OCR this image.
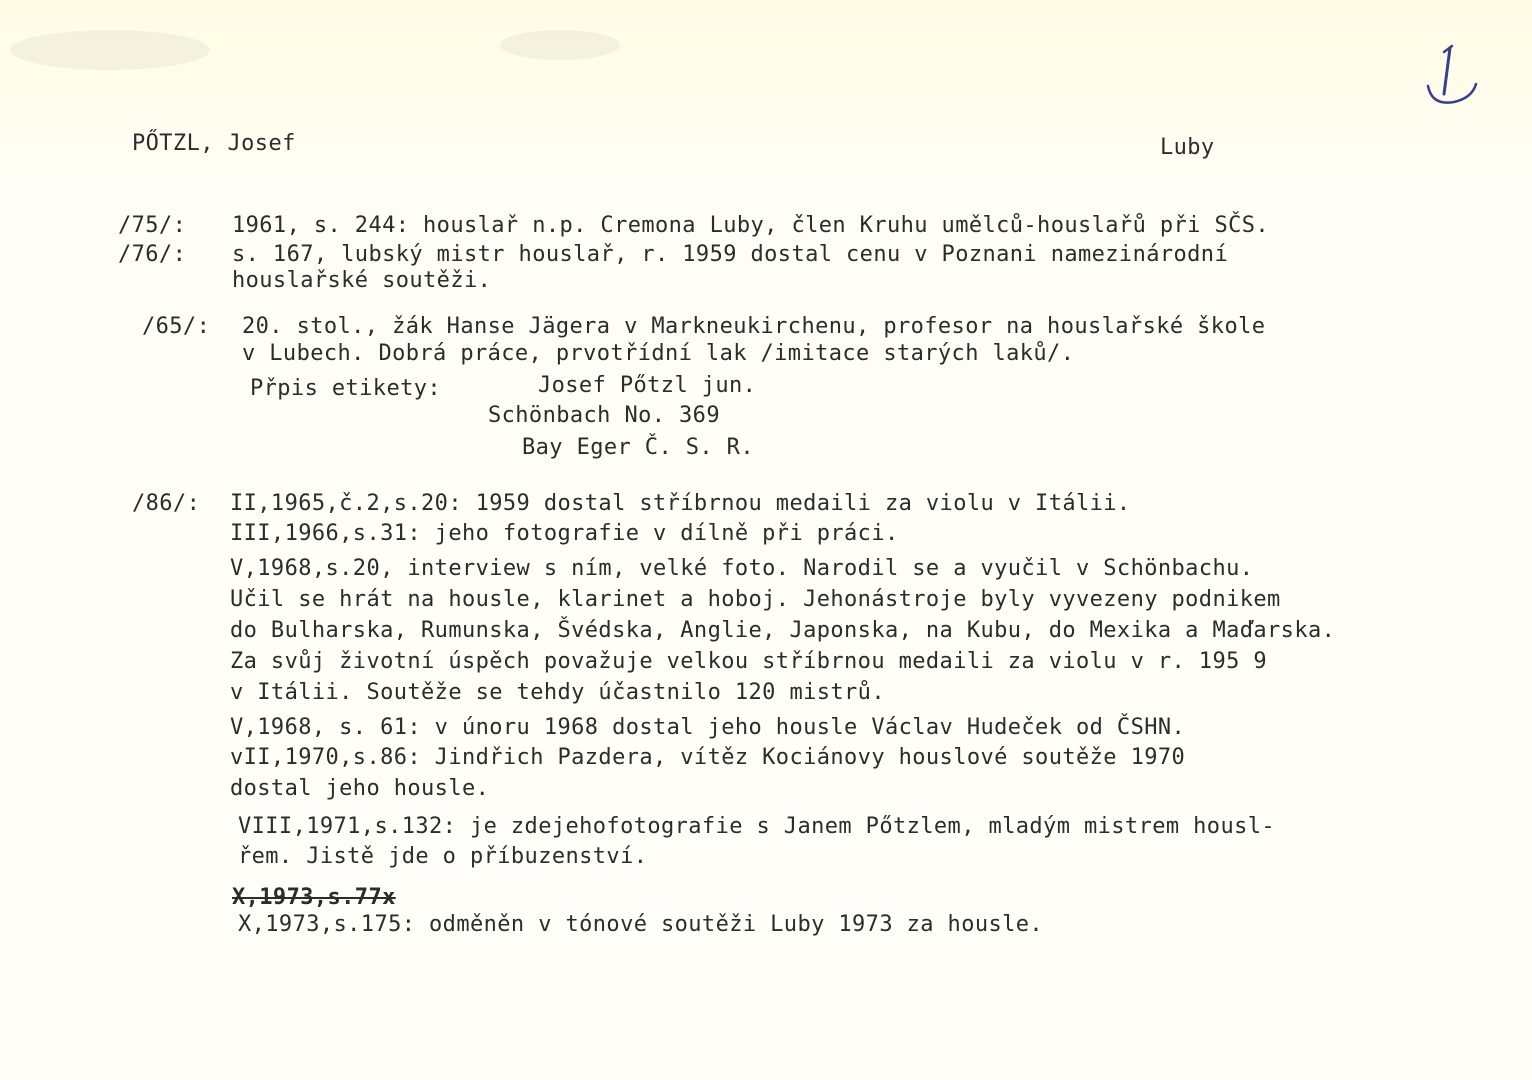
PŐTZL, Josef	Luby
/75/: 1961, s. 244: houslař n.p. Cremona Luby, člen Kruhu umělců-houslařů při SČS.
/76/: s. 167, lubský mistr houslař, r. 1959 dostal cenu v Poznani namezinárodní
houslařské soutěži.
/65/: 20. stol., žák Hanse Jägera v Markneukirchenu, profesor na houslařské škole
v Lubech. Dobrá práce, prvotřídní lak /imitace starých laků/.
Přpis etikety:	Josef Pőtzl jun.
Schönbach No. 369
Bay Eger Č. S. R.
/86/: II,1965,č.2,s.20: 1959 dostal stříbrnou medaili za violu v Itálii.
III,1966,s.31: jeho fotografie v dílně při práci.
V,1968,s.20, interview s ním, velké foto. Narodil se a vyučil v Schönbachu.
Učil se hrát na housle, klarinet a hoboj. Jehonástroje byly vyvezeny podnikem
do Bulharska, Rumunska, Švédska, Anglie, Japonska, na Kubu, do Mexika a Maďarska.
Za svůj životní úspěch považuje velkou stříbrnou medaili za violu v r. 195 9
v Itálii. Soutěže se tehdy účastnilo 120 mistrů.
V,1968, s. 61: v únoru 1968 dostal jeho housle Václav Hudeček od ČSHN.
vII,1970,s.86: Jindřich Pazdera, vítěz Kociánovy houslové soutěže 1970
dostal jeho housle.
VIII,1971,s.132: je zdejehofotografie s Janem Pőtzlem, mladým mistrem housl-
řem. Jistě jde o příbuzenství.
X,1973,s.77x
X,1973,s.175: odměněn v tónové soutěži Luby 1973 za housle.
